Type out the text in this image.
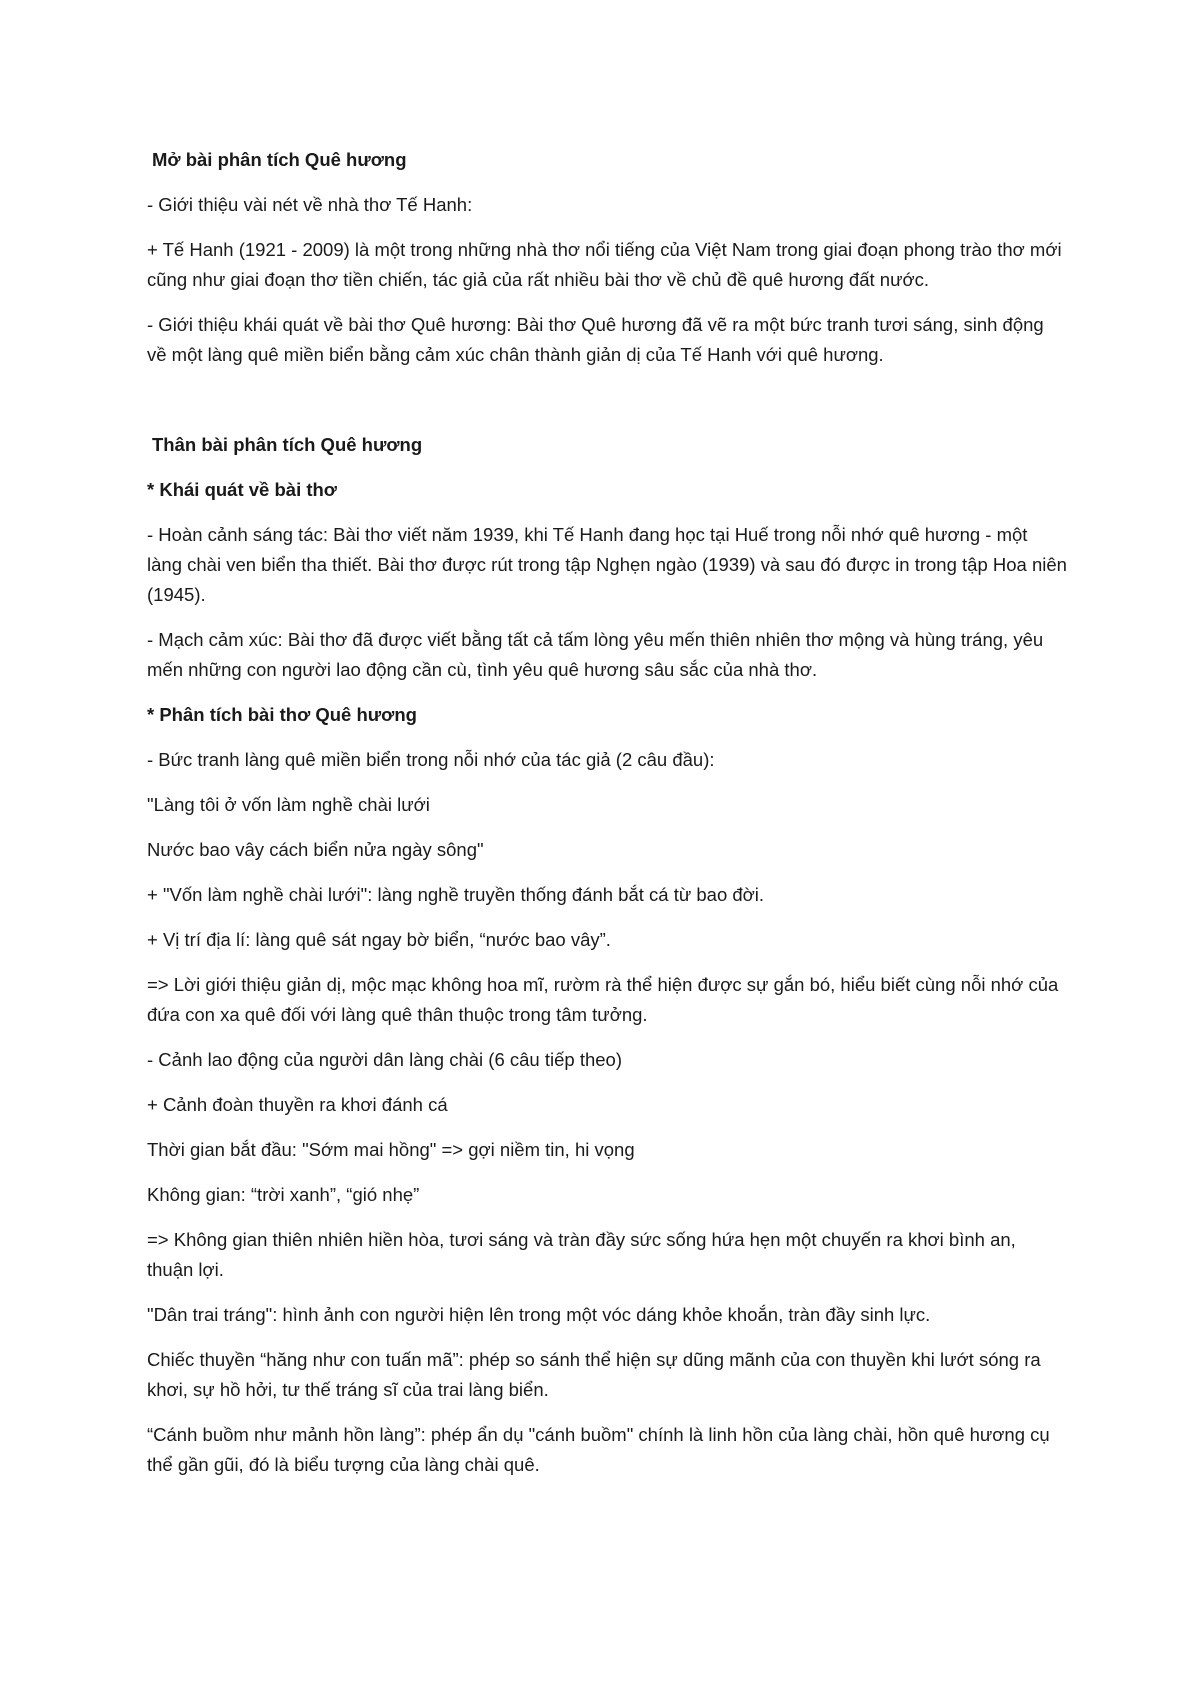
Mở bài phân tích Quê hương
- Giới thiệu vài nét về nhà thơ Tế Hanh:
+ Tế Hanh (1921 - 2009) là một trong những nhà thơ nổi tiếng của Việt Nam trong giai đoạn phong trào thơ mới cũng như giai đoạn thơ tiền chiến, tác giả của rất nhiều bài thơ về chủ đề quê hương đất nước.
- Giới thiệu khái quát về bài thơ Quê hương: Bài thơ Quê hương đã vẽ ra một bức tranh tươi sáng, sinh động về một làng quê miền biển bằng cảm xúc chân thành giản dị của Tế Hanh với quê hương.
Thân bài phân tích Quê hương
* Khái quát về bài thơ
- Hoàn cảnh sáng tác: Bài thơ viết năm 1939, khi Tế Hanh đang học tại Huế trong nỗi nhớ quê hương - một làng chài ven biển tha thiết. Bài thơ được rút trong tập Nghẹn ngào (1939) và sau đó được in trong tập Hoa niên (1945).
- Mạch cảm xúc: Bài thơ đã được viết bằng tất cả tấm lòng yêu mến thiên nhiên thơ mộng và hùng tráng, yêu mến những con người lao động cần cù, tình yêu quê hương sâu sắc của nhà thơ.
* Phân tích bài thơ Quê hương
- Bức tranh làng quê miền biển trong nỗi nhớ của tác giả (2 câu đầu):
"Làng tôi ở vốn làm nghề chài lưới
Nước bao vây cách biển nửa ngày sông"
+ "Vốn làm nghề chài lưới": làng nghề truyền thống đánh bắt cá từ bao đời.
+ Vị trí địa lí: làng quê sát ngay bờ biển, “nước bao vây”.
=> Lời giới thiệu giản dị, mộc mạc không hoa mĩ, rườm rà thể hiện được sự gắn bó, hiểu biết cùng nỗi nhớ của đứa con xa quê đối với làng quê thân thuộc trong tâm tưởng.
- Cảnh lao động của người dân làng chài (6 câu tiếp theo)
+ Cảnh đoàn thuyền ra khơi đánh cá
Thời gian bắt đầu: "Sớm mai hồng" => gợi niềm tin, hi vọng
Không gian: “trời xanh”, “gió nhẹ”
=> Không gian thiên nhiên hiền hòa, tươi sáng và tràn đầy sức sống hứa hẹn một chuyến ra khơi bình an, thuận lợi.
"Dân trai tráng": hình ảnh con người hiện lên trong một vóc dáng khỏe khoắn, tràn đầy sinh lực.
Chiếc thuyền “hăng như con tuấn mã”: phép so sánh thể hiện sự dũng mãnh của con thuyền khi lướt sóng ra khơi, sự hồ hởi, tư thế tráng sĩ của trai làng biển.
“Cánh buồm như mảnh hồn làng”: phép ẩn dụ "cánh buồm" chính là linh hồn của làng chài, hồn quê hương cụ thể gần gũi, đó là biểu tượng của làng chài quê.
